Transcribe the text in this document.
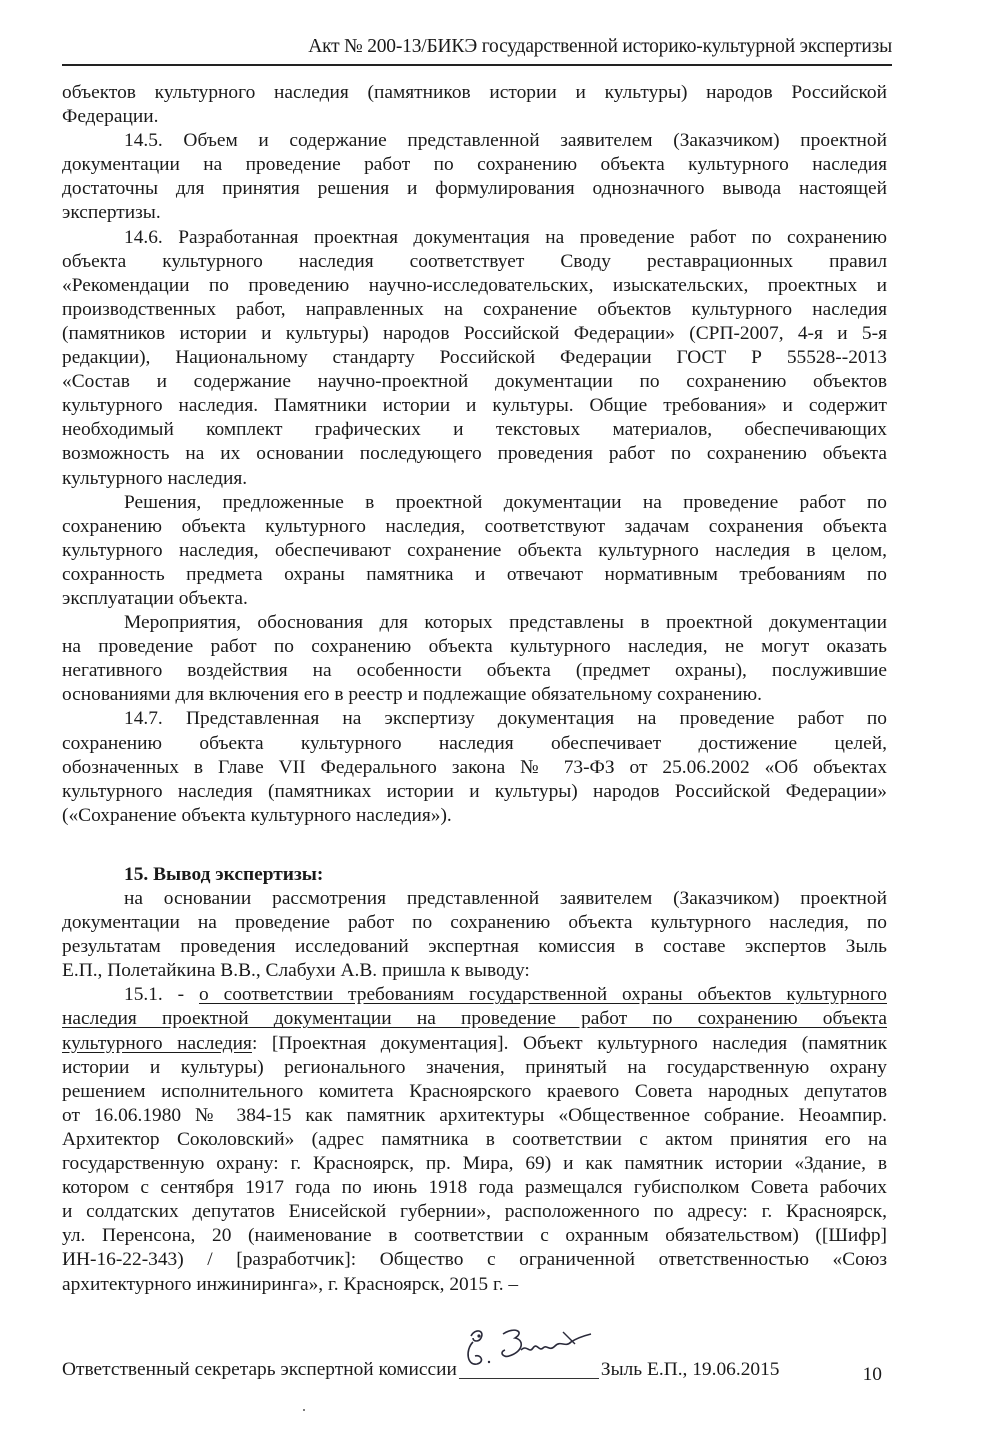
Акт № 200-13/БИКЭ государственной историко-культурной экспертизы
объектов культурного наследия (памятников истории и культуры) народов Российской
Федерации.
14.5. Объем и содержание представленной заявителем (Заказчиком) проектной
документации на проведение работ по сохранению объекта культурного наследия
достаточны для принятия решения и формулирования однозначного вывода настоящей
экспертизы.
14.6. Разработанная проектная документация на проведение работ по сохранению
объекта культурного наследия соответствует Своду реставрационных правил
«Рекомендации по проведению научно-исследовательских, изыскательских, проектных и
производственных работ, направленных на сохранение объектов культурного наследия
(памятников истории и культуры) народов Российской Федерации» (СРП-2007, 4-я и 5-я
редакции), Национальному стандарту Российской Федерации ГОСТ Р 55528--2013
«Состав и содержание научно-проектной документации по сохранению объектов
культурного наследия. Памятники истории и культуры. Общие требования» и содержит
необходимый комплект графических и текстовых материалов, обеспечивающих
возможность на их основании последующего проведения работ по сохранению объекта
культурного наследия.
Решения, предложенные в проектной документации на проведение работ по
сохранению объекта культурного наследия, соответствуют задачам сохранения объекта
культурного наследия, обеспечивают сохранение объекта культурного наследия в целом,
сохранность предмета охраны памятника и отвечают нормативным требованиям по
эксплуатации объекта.
Мероприятия, обоснования для которых представлены в проектной документации
на проведение работ по сохранению объекта культурного наследия, не могут оказать
негативного воздействия на особенности объекта (предмет охраны), послужившие
основаниями для включения его в реестр и подлежащие обязательному сохранению.
14.7. Представленная на экспертизу документация на проведение работ по
сохранению объекта культурного наследия обеспечивает достижение целей,
обозначенных в Главе VII Федерального закона № 73-ФЗ от 25.06.2002 «Об объектах
культурного наследия (памятниках истории и культуры) народов Российской Федерации»
(«Сохранение объекта культурного наследия»).
15. Вывод экспертизы:
на основании рассмотрения представленной заявителем (Заказчиком) проектной
документации на проведение работ по сохранению объекта культурного наследия, по
результатам проведения исследований экспертная комиссия в составе экспертов Зыль
Е.П., Полетайкина В.В., Слабухи А.В. пришла к выводу:
15.1. - о соответствии требованиям государственной охраны объектов культурного
наследия проектной документации на проведение работ по сохранению объекта
культурного наследия: [Проектная документация]. Объект культурного наследия (памятник
истории и культуры) регионального значения, принятый на государственную охрану
решением исполнительного комитета Красноярского краевого Совета народных депутатов
от 16.06.1980 № 384-15 как памятник архитектуры «Общественное собрание. Неоампир.
Архитектор Соколовский» (адрес памятника в соответствии с актом принятия его на
государственную охрану: г. Красноярск, пр. Мира, 69) и как памятник истории «Здание, в
котором с сентября 1917 года по июнь 1918 года размещался губисполком Совета рабочих
и солдатских депутатов Енисейской губернии», расположенного по адресу: г. Красноярск,
ул. Перенсона, 20 (наименование в соответствии с охранным обязательством) ([Шифр]
ИН-16-22-343) / [разработчик]: Общество с ограниченной ответственностью «Союз
архитектурного инжиниринга», г. Красноярск, 2015 г. –
Ответственный секретарь экспертной комиссии	Зыль Е.П., 19.06.2015	10
